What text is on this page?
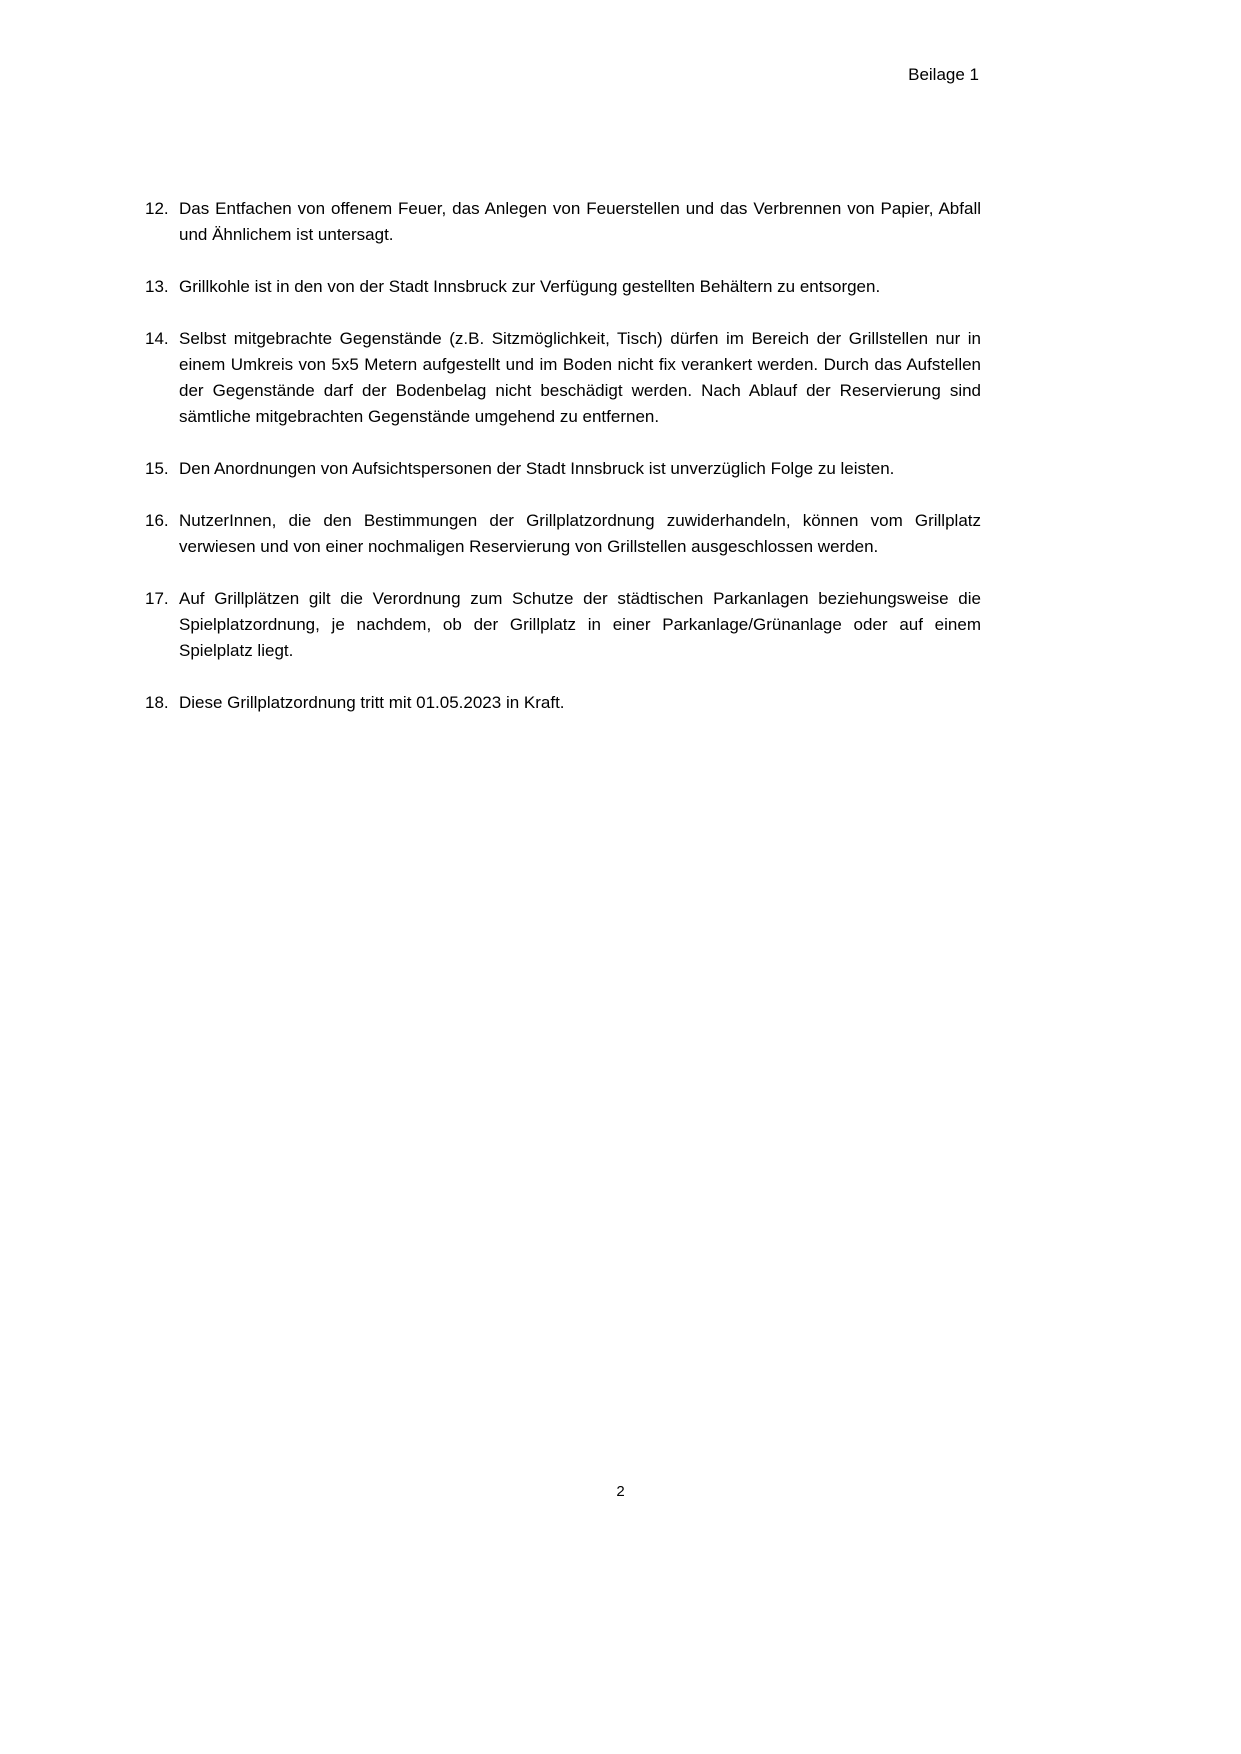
Beilage 1
12. Das Entfachen von offenem Feuer, das Anlegen von Feuerstellen und das Verbrennen von Papier, Abfall und Ähnlichem ist untersagt.

13. Grillkohle ist in den von der Stadt Innsbruck zur Verfügung gestellten Behältern zu entsorgen.

14. Selbst mitgebrachte Gegenstände (z.B. Sitzmöglichkeit, Tisch) dürfen im Bereich der Grillstellen nur in einem Umkreis von 5x5 Metern aufgestellt und im Boden nicht fix verankert werden. Durch das Aufstellen der Gegenstände darf der Bodenbelag nicht beschädigt werden. Nach Ablauf der Reservierung sind sämtliche mitgebrachten Gegenstände umgehend zu entfernen.

15. Den Anordnungen von Aufsichtspersonen der Stadt Innsbruck ist unverzüglich Folge zu leisten.

16. NutzerInnen, die den Bestimmungen der Grillplatzordnung zuwiderhandeln, können vom Grillplatz verwiesen und von einer nochmaligen Reservierung von Grillstellen ausgeschlossen werden.

17. Auf Grillplätzen gilt die Verordnung zum Schutze der städtischen Parkanlagen beziehungsweise die Spielplatzordnung, je nachdem, ob der Grillplatz in einer Parkanlage/Grünanlage oder auf einem Spielplatz liegt.

18. Diese Grillplatzordnung tritt mit 01.05.2023 in Kraft.

2
